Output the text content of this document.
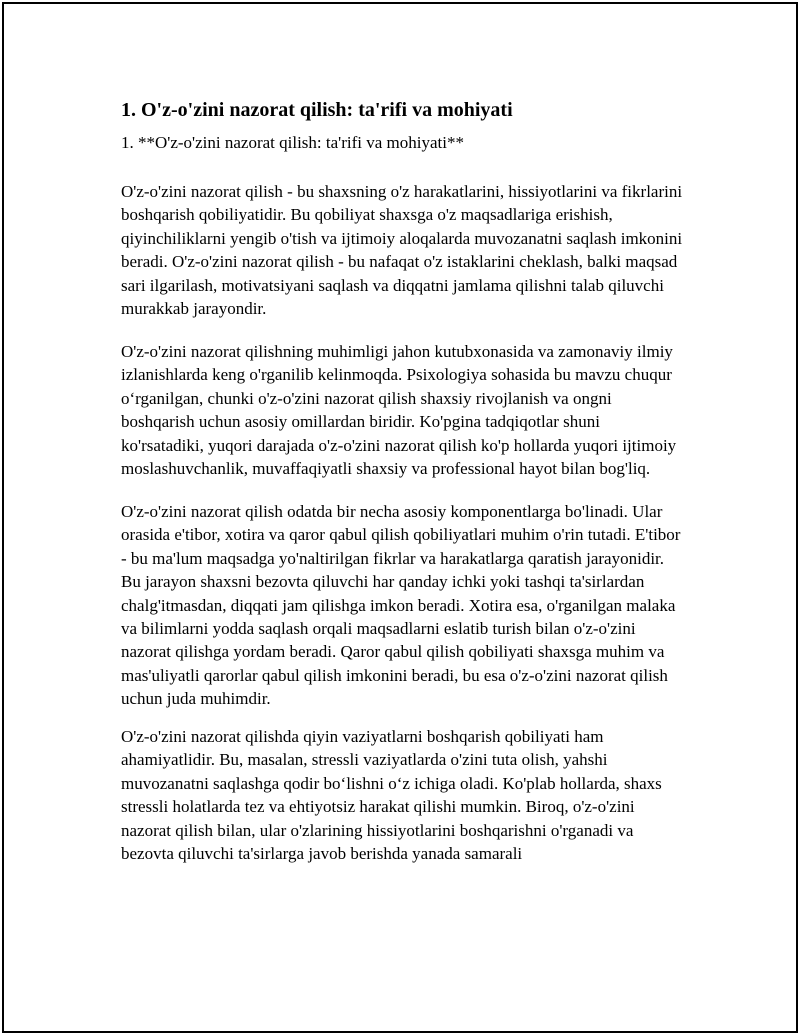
1. O'z-o'zini nazorat qilish: ta'rifi va mohiyati

1. **O'z-o'zini nazorat qilish: ta'rifi va mohiyati**

O'z-o'zini nazorat qilish - bu shaxsning o'z harakatlarini, hissiyotlarini va fikrlarini boshqarish qobiliyatidir. Bu qobiliyat shaxsga o'z maqsadlariga erishish, qiyinchiliklarni yengib o'tish va ijtimoiy aloqalarda muvozanatni saqlash imkonini beradi. O'z-o'zini nazorat qilish - bu nafaqat o'z istaklarini cheklash, balki maqsad sari ilgarilash, motivatsiyani saqlash va diqqatni jamlama qilishni talab qiluvchi murakkab jarayondir.

O'z-o'zini nazorat qilishning muhimligi jahon kutubxonasida va zamonaviy ilmiy izlanishlarda keng o'rganilib kelinmoqda. Psixologiya sohasida bu mavzu chuqur o‘rganilgan, chunki o'z-o'zini nazorat qilish shaxsiy rivojlanish va ongni boshqarish uchun asosiy omillardan biridir. Ko'pgina tadqiqotlar shuni ko'rsatadiki, yuqori darajada o'z-o'zini nazorat qilish ko'p hollarda yuqori ijtimoiy moslashuvchanlik, muvaffaqiyatli shaxsiy va professional hayot bilan bog'liq.

O'z-o'zini nazorat qilish odatda bir necha asosiy komponentlarga bo'linadi. Ular orasida e'tibor, xotira va qaror qabul qilish qobiliyatlari muhim o'rin tutadi. E'tibor - bu ma'lum maqsadga yo'naltirilgan fikrlar va harakatlarga qaratish jarayonidir. Bu jarayon shaxsni bezovta qiluvchi har qanday ichki yoki tashqi ta'sirlardan chalg'itmasdan, diqqati jam qilishga imkon beradi. Xotira esa, o'rganilgan malaka va bilimlarni yodda saqlash orqali maqsadlarni eslatib turish bilan o'z-o'zini nazorat qilishga yordam beradi. Qaror qabul qilish qobiliyati shaxsga muhim va mas'uliyatli qarorlar qabul qilish imkonini beradi, bu esa o'z-o'zini nazorat qilish uchun juda muhimdir.

O'z-o'zini nazorat qilishda qiyin vaziyatlarni boshqarish qobiliyati ham ahamiyatlidir. Bu, masalan, stressli vaziyatlarda o'zini tuta olish, yahshi muvozanatni saqlashga qodir bo‘lishni o‘z ichiga oladi. Ko'plab hollarda, shaxs stressli holatlarda tez va ehtiyotsiz harakat qilishi mumkin. Biroq, o'z-o'zini nazorat qilish bilan, ular o'zlarining hissiyotlarini boshqarishni o'rganadi va bezovta qiluvchi ta'sirlarga javob berishda yanada samarali
